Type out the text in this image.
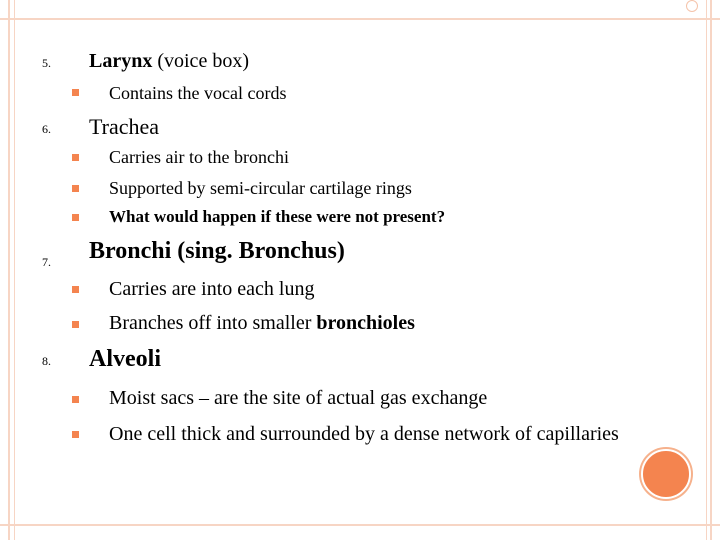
5. Larynx (voice box)
Contains the vocal cords
6. Trachea
Carries air to the bronchi
Supported by semi-circular cartilage rings
What would happen if these were not present?
7. Bronchi (sing. Bronchus)
Carries are into each lung
Branches off into smaller bronchioles
8. Alveoli
Moist sacs – are the site of actual gas exchange
One cell thick and surrounded by a dense network of capillaries
